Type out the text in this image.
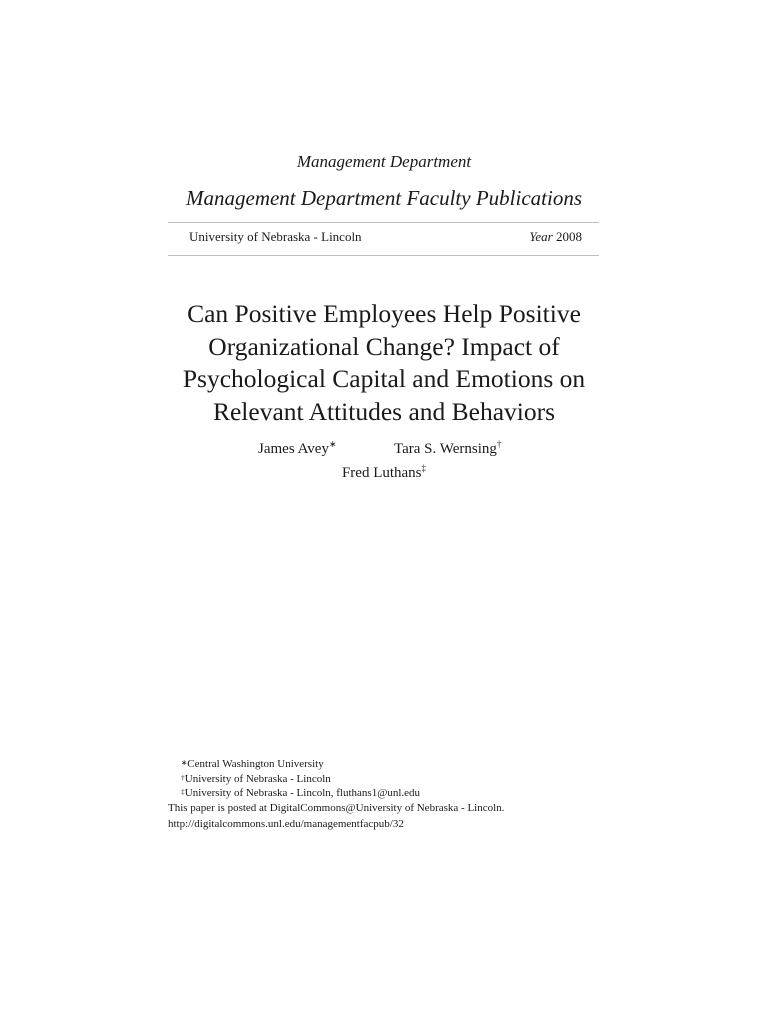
Management Department
Management Department Faculty Publications
University of Nebraska - Lincoln	Year 2008
Can Positive Employees Help Positive Organizational Change? Impact of Psychological Capital and Emotions on Relevant Attitudes and Behaviors
James Avey∗	Tara S. Wernsing†
Fred Luthans‡
∗Central Washington University
†University of Nebraska - Lincoln
‡University of Nebraska - Lincoln, fluthans1@unl.edu
This paper is posted at DigitalCommons@University of Nebraska - Lincoln.
http://digitalcommons.unl.edu/managementfacpub/32
